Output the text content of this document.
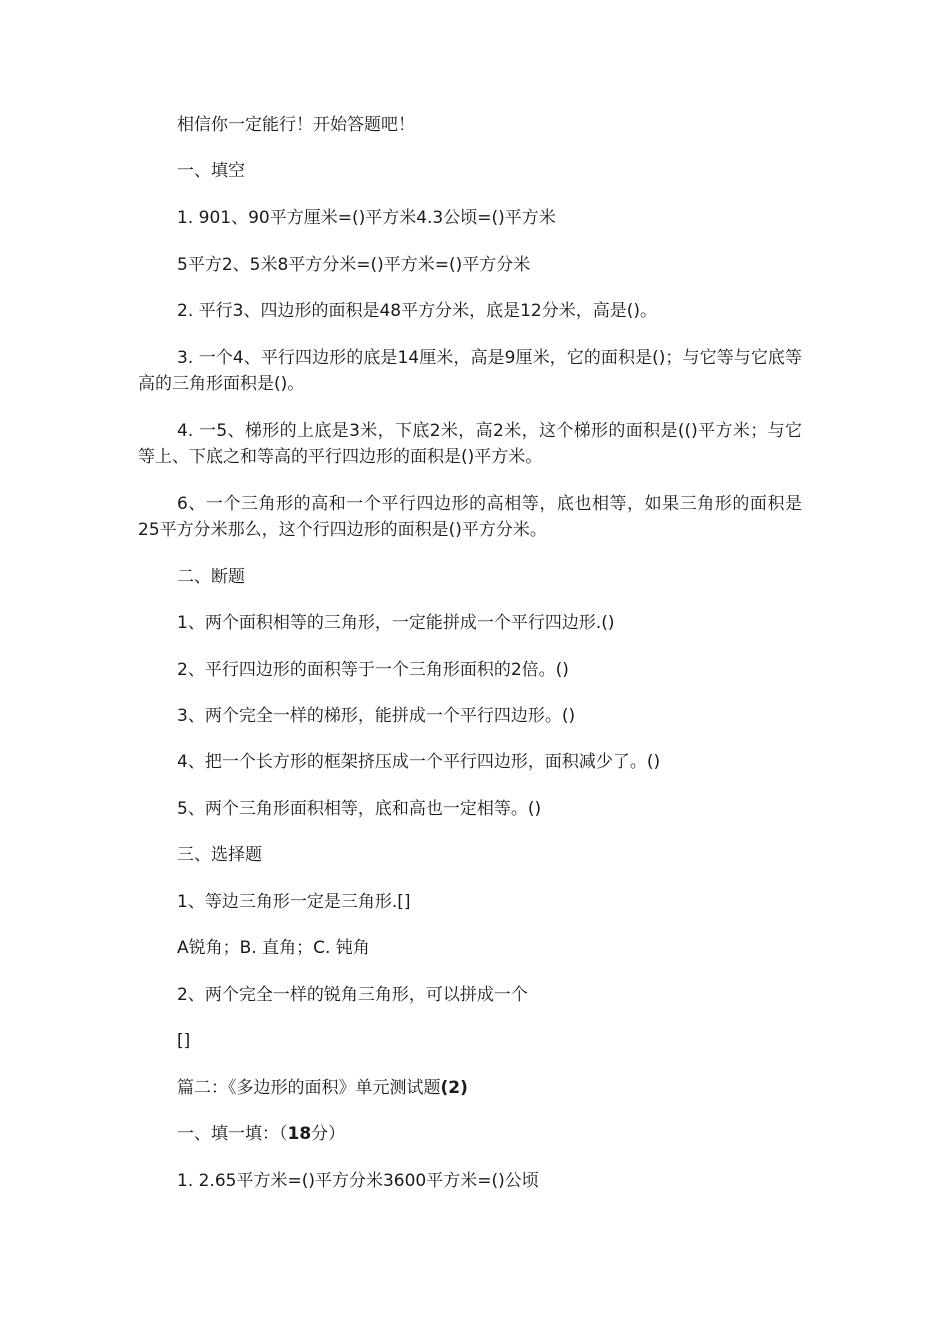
相信你一定能行！开始答题吧！
一、填空
1. 901、90平方厘米=()平方米4.3公顷=()平方米
5平方2、5米8平方分米=()平方米=()平方分米
2. 平行3、四边形的面积是48平方分米，底是12分米，高是()。
3. 一个4、平行四边形的底是14厘米，高是9厘米，它的面积是()；与它等与它底等高的三角形面积是()。
4. 一5、梯形的上底是3米，下底2米，高2米，这个梯形的面积是(()平方米；与它等上、下底之和等高的平行四边形的面积是()平方米。
6、一个三角形的高和一个平行四边形的高相等，底也相等，如果三角形的面积是25平方分米那么，这个行四边形的面积是()平方分米。
二、断题
1、两个面积相等的三角形，一定能拼成一个平行四边形.()
2、平行四边形的面积等于一个三角形面积的2倍。()
3、两个完全一样的梯形，能拼成一个平行四边形。()
4、把一个长方形的框架挤压成一个平行四边形，面积减少了。()
5、两个三角形面积相等，底和高也一定相等。()
三、选择题
1、等边三角形一定是三角形.[]
A锐角；B. 直角；C. 钝角
2、两个完全一样的锐角三角形，可以拼成一个
[]
篇二：《多边形的面积》单元测试题(2)
一、填一填：（18分）
1. 2.65平方米=()平方分米3600平方米=()公顷
